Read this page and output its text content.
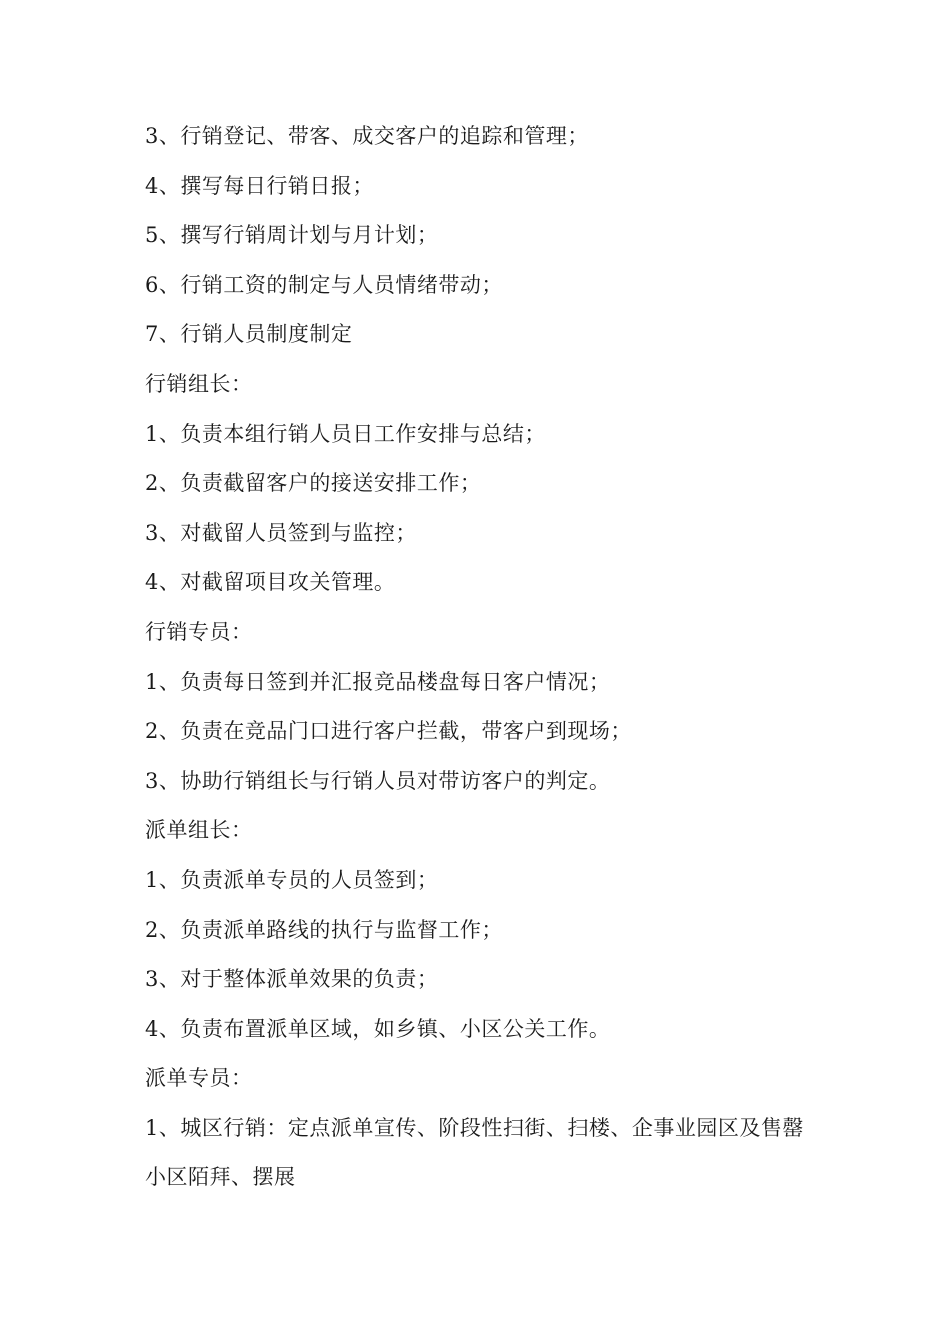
3、行销登记、带客、成交客户的追踪和管理；
4、撰写每日行销日报；
5、撰写行销周计划与月计划；
6、行销工资的制定与人员情绪带动；
7、行销人员制度制定
行销组长：
1、负责本组行销人员日工作安排与总结；
2、负责截留客户的接送安排工作；
3、对截留人员签到与监控；
4、对截留项目攻关管理。
行销专员：
1、负责每日签到并汇报竞品楼盘每日客户情况；
2、负责在竞品门口进行客户拦截，带客户到现场；
3、协助行销组长与行销人员对带访客户的判定。
派单组长：
1、负责派单专员的人员签到；
2、负责派单路线的执行与监督工作；
3、对于整体派单效果的负责；
4、负责布置派单区域，如乡镇、小区公关工作。
派单专员：
1、城区行销：定点派单宣传、阶段性扫街、扫楼、企事业园区及售罄
小区陌拜、摆展
